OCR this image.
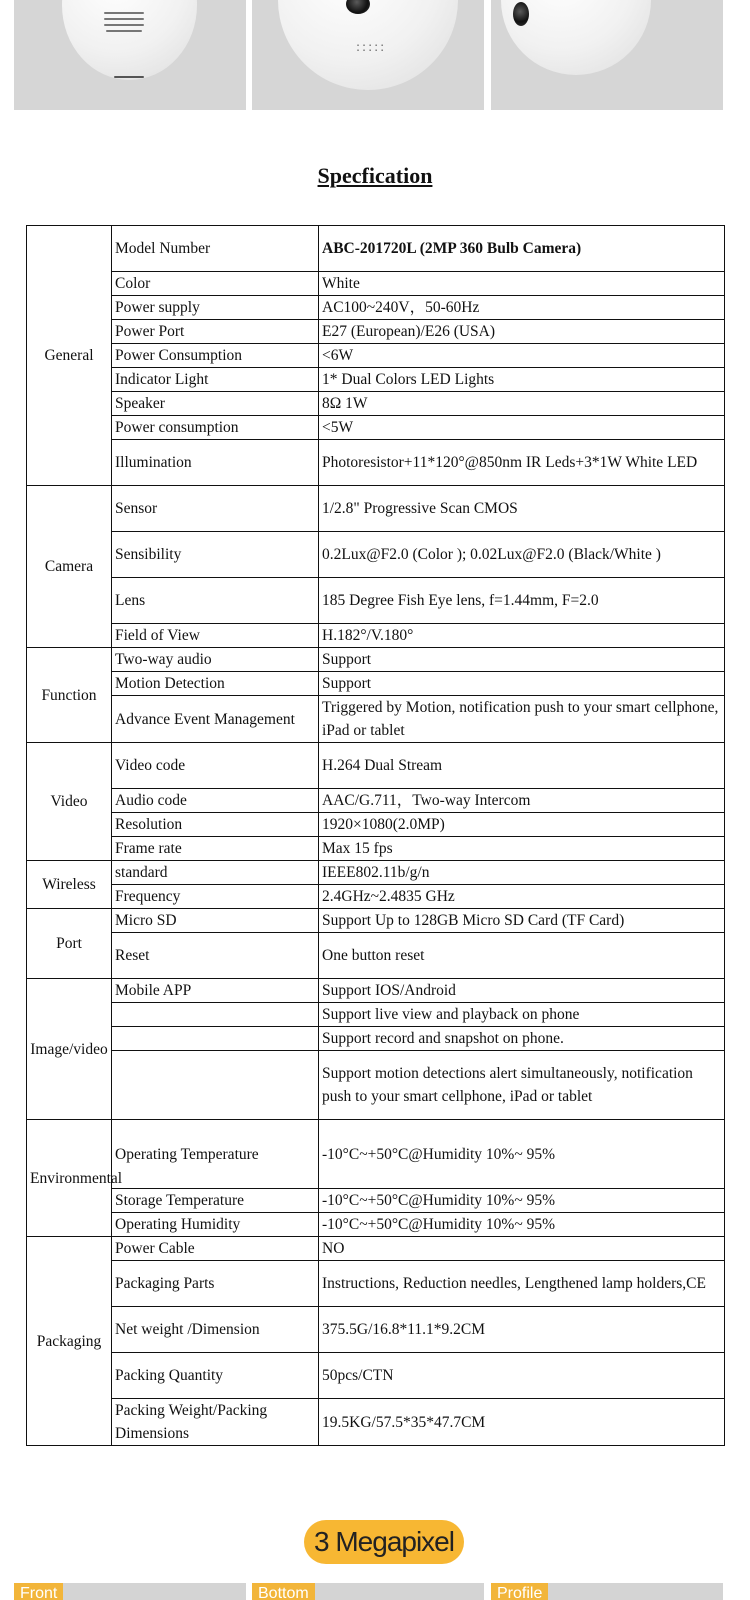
:::::
Specfication
General	Model Number	ABC-201720L (2MP 360 Bulb Camera)
	Color	White
	Power supply	AC100~240V，50-60Hz
	Power Port	E27 (European)/E26 (USA)
	Power Consumption	<6W
	Indicator Light	1* Dual Colors LED Lights
	Speaker	8Ω 1W
	Power consumption	<5W
	Illumination	Photoresistor+11*120°@850nm IR Leds+3*1W White LED
Camera	Sensor	1/2.8" Progressive Scan CMOS
	Sensibility	0.2Lux@F2.0 (Color ); 0.02Lux@F2.0 (Black/White )
	Lens	185 Degree Fish Eye lens, f=1.44mm, F=2.0
	Field of View	H.182°/V.180°
Function	Two-way audio	Support
	Motion Detection	Support
	Advance Event Management	Triggered by Motion, notification push to your smart cellphone, iPad or tablet
Video	Video code	H.264 Dual Stream
	Audio code	AAC/G.711，Two-way Intercom
	Resolution	1920×1080(2.0MP)
	Frame rate	Max 15 fps
Wireless	standard	IEEE802.11b/g/n
	Frequency	2.4GHz~2.4835 GHz
Port	Micro SD	Support Up to 128GB Micro SD Card (TF Card)
	Reset	One button reset
Image/video	Mobile APP	Support IOS/Android
		Support live view and playback on phone
		Support record and snapshot on phone.
		Support motion detections alert simultaneously, notification push to your smart cellphone, iPad or tablet
Environmental	Operating Temperature	-10°C~+50°C@Humidity 10%~ 95%
	Storage Temperature	-10°C~+50°C@Humidity 10%~ 95%
	Operating Humidity	-10°C~+50°C@Humidity 10%~ 95%
Packaging	Power Cable	NO
	Packaging Parts	Instructions, Reduction needles, Lengthened lamp holders,CE
	Net weight /Dimension	375.5G/16.8*11.1*9.2CM
	Packing Quantity	50pcs/CTN
	Packing Weight/Packing Dimensions	19.5KG/57.5*35*47.7CM
3 Megapixel
Front	Bottom	Profile
